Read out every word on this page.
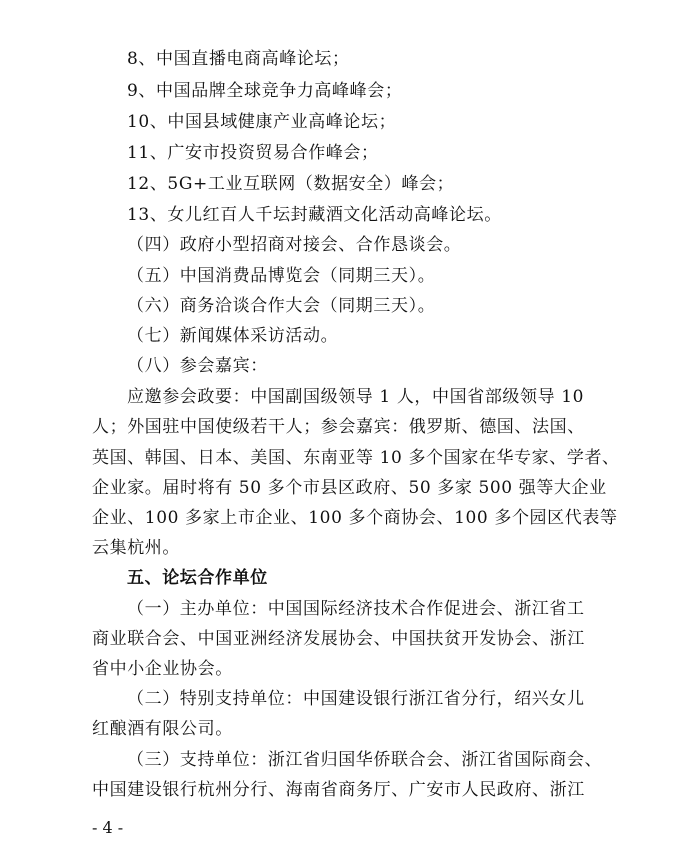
8、中国直播电商高峰论坛；
9、中国品牌全球竞争力高峰峰会；
10、中国县域健康产业高峰论坛；
11、广安市投资贸易合作峰会；
12、5G+工业互联网（数据安全）峰会；
13、女儿红百人千坛封藏酒文化活动高峰论坛。
（四）政府小型招商对接会、合作恳谈会。
（五）中国消费品博览会（同期三天）。
（六）商务洽谈合作大会（同期三天）。
（七）新闻媒体采访活动。
（八）参会嘉宾：
应邀参会政要：中国副国级领导 1 人，中国省部级领导 10
人；外国驻中国使级若干人；参会嘉宾：俄罗斯、德国、法国、
英国、韩国、日本、美国、东南亚等 10 多个国家在华专家、学者、
企业家。届时将有 50 多个市县区政府、50 多家 500 强等大企业
企业、100 多家上市企业、100 多个商协会、100 多个园区代表等
云集杭州。
五、论坛合作单位
（一）主办单位：中国国际经济技术合作促进会、浙江省工
商业联合会、中国亚洲经济发展协会、中国扶贫开发协会、浙江
省中小企业协会。
（二）特别支持单位：中国建设银行浙江省分行，绍兴女儿
红酿酒有限公司。
（三）支持单位：浙江省归国华侨联合会、浙江省国际商会、
中国建设银行杭州分行、海南省商务厅、广安市人民政府、浙江
- 4 -
